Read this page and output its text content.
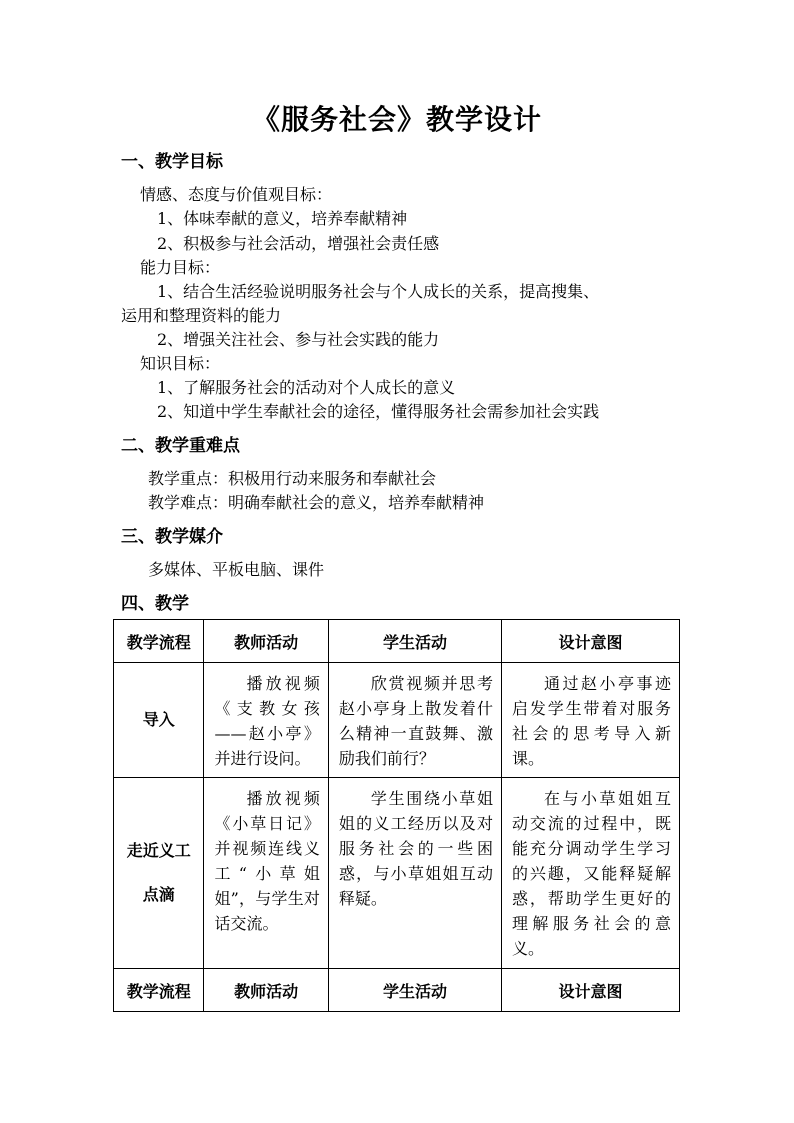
《服务社会》教学设计
一、教学目标
情感、态度与价值观目标：
1、体味奉献的意义，培养奉献精神
2、积极参与社会活动，增强社会责任感
能力目标：
1、结合生活经验说明服务社会与个人成长的关系，提高搜集、
运用和整理资料的能力
2、增强关注社会、参与社会实践的能力
知识目标：
1、了解服务社会的活动对个人成长的意义
2、知道中学生奉献社会的途径，懂得服务社会需参加社会实践
二、教学重难点
教学重点：积极用行动来服务和奉献社会
教学难点：明确奉献社会的意义，培养奉献精神
三、教学媒介
多媒体、平板电脑、课件
四、教学
教学流程	教师活动	学生活动	设计意图
导入	播放视频《支教女孩——赵小亭》并进行设问。	欣赏视频并思考赵小亭身上散发着什么精神一直鼓舞、激励我们前行？	通过赵小亭事迹启发学生带着对服务社会的思考导入新课。

走近义工点滴	播放视频《小草日记》并视频连线义工“小草姐姐”，与学生对话交流。	学生围绕小草姐姐的义工经历以及对服务社会的一些困惑，与小草姐姐互动释疑。	在与小草姐姐互动交流的过程中，既能充分调动学生学习的兴趣，又能释疑解惑，帮助学生更好的理解服务社会的意义。

教学流程	教师活动	学生活动	设计意图
